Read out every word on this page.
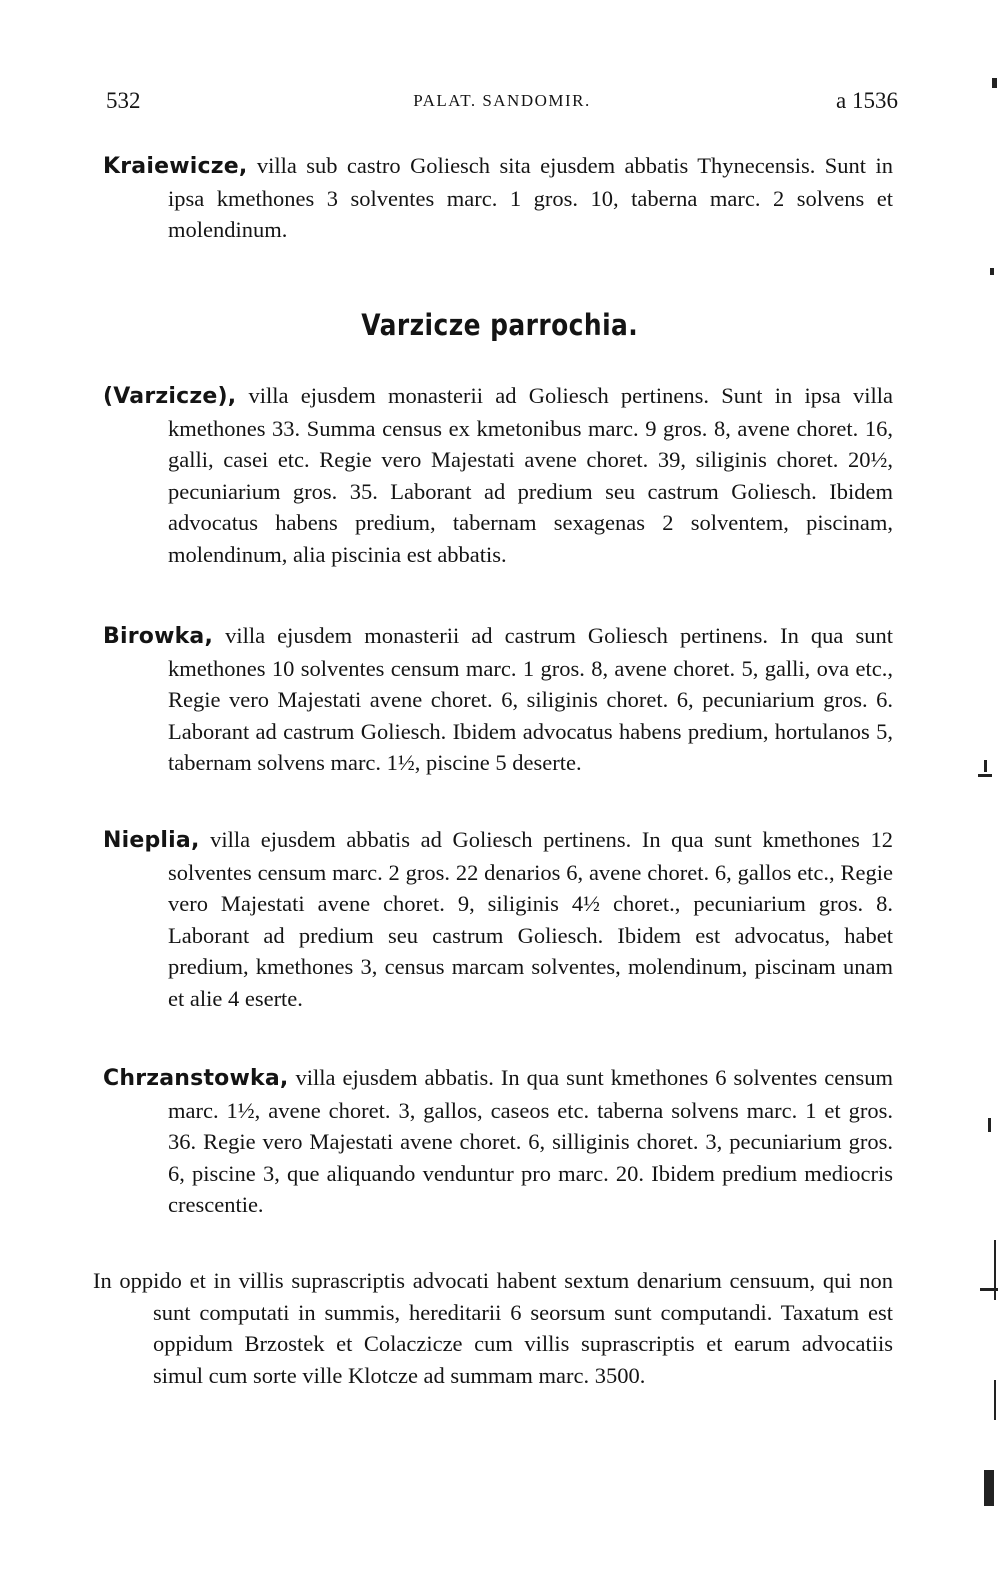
532	PALAT. SANDOMIR.	a 1536
Kraiewicze, villa sub castro Goliesch sita ejusdem abbatis Thynecensis. Sunt in ipsa kmethones 3 solventes marc. 1 gros. 10, taberna marc. 2 solvens et molendinum.
Varzicze parrochia.
(Varzicze), villa ejusdem monasterii ad Goliesch pertinens. Sunt in ipsa villa kmethones 33. Summa census ex kmetonibus marc. 9 gros. 8, avene choret. 16, galli, casei etc. Regie vero Majestati avene choret. 39, siliginis choret. 20½, pecuniarium gros. 35. Laborant ad predium seu castrum Goliesch. Ibidem advocatus habens predium, tabernam sexagenas 2 solventem, piscinam, molendinum, alia piscinia est abbatis.
Birowka, villa ejusdem monasterii ad castrum Goliesch pertinens. In qua sunt kmethones 10 solventes censum marc. 1 gros. 8, avene choret. 5, galli, ova etc., Regie vero Majestati avene choret. 6, siliginis choret. 6, pecuniarium gros. 6. Laborant ad castrum Goliesch. Ibidem advocatus habens predium, hortulanos 5, tabernam solvens marc. 1½, piscine 5 deserte.
Nieplia, villa ejusdem abbatis ad Goliesch pertinens. In qua sunt kmethones 12 solventes censum marc. 2 gros. 22 denarios 6, avene choret. 6, gallos etc., Regie vero Majestati avene choret. 9, siliginis 4½ choret., pecuniarium gros. 8. Laborant ad predium seu castrum Goliesch. Ibidem est advocatus, habet predium, kmethones 3, census marcam solventes, molendinum, piscinam unam et alie 4 eserte.
Chrzanstowka, villa ejusdem abbatis. In qua sunt kmethones 6 solventes censum marc. 1½, avene choret. 3, gallos, caseos etc. taberna solvens marc. 1 et gros. 36. Regie vero Majestati avene choret. 6, silliginis choret. 3, pecuniarium gros. 6, piscine 3, que aliquando venduntur pro marc. 20. Ibidem predium mediocris crescentie.
In oppido et in villis suprascriptis advocati habent sextum denarium censuum, qui non sunt computati in summis, hereditarii 6 seorsum sunt computandi. Taxatum est oppidum Brzostek et Colaczicze cum villis suprascriptis et earum advocatiis simul cum sorte ville Klotcze ad summam marc. 3500.
